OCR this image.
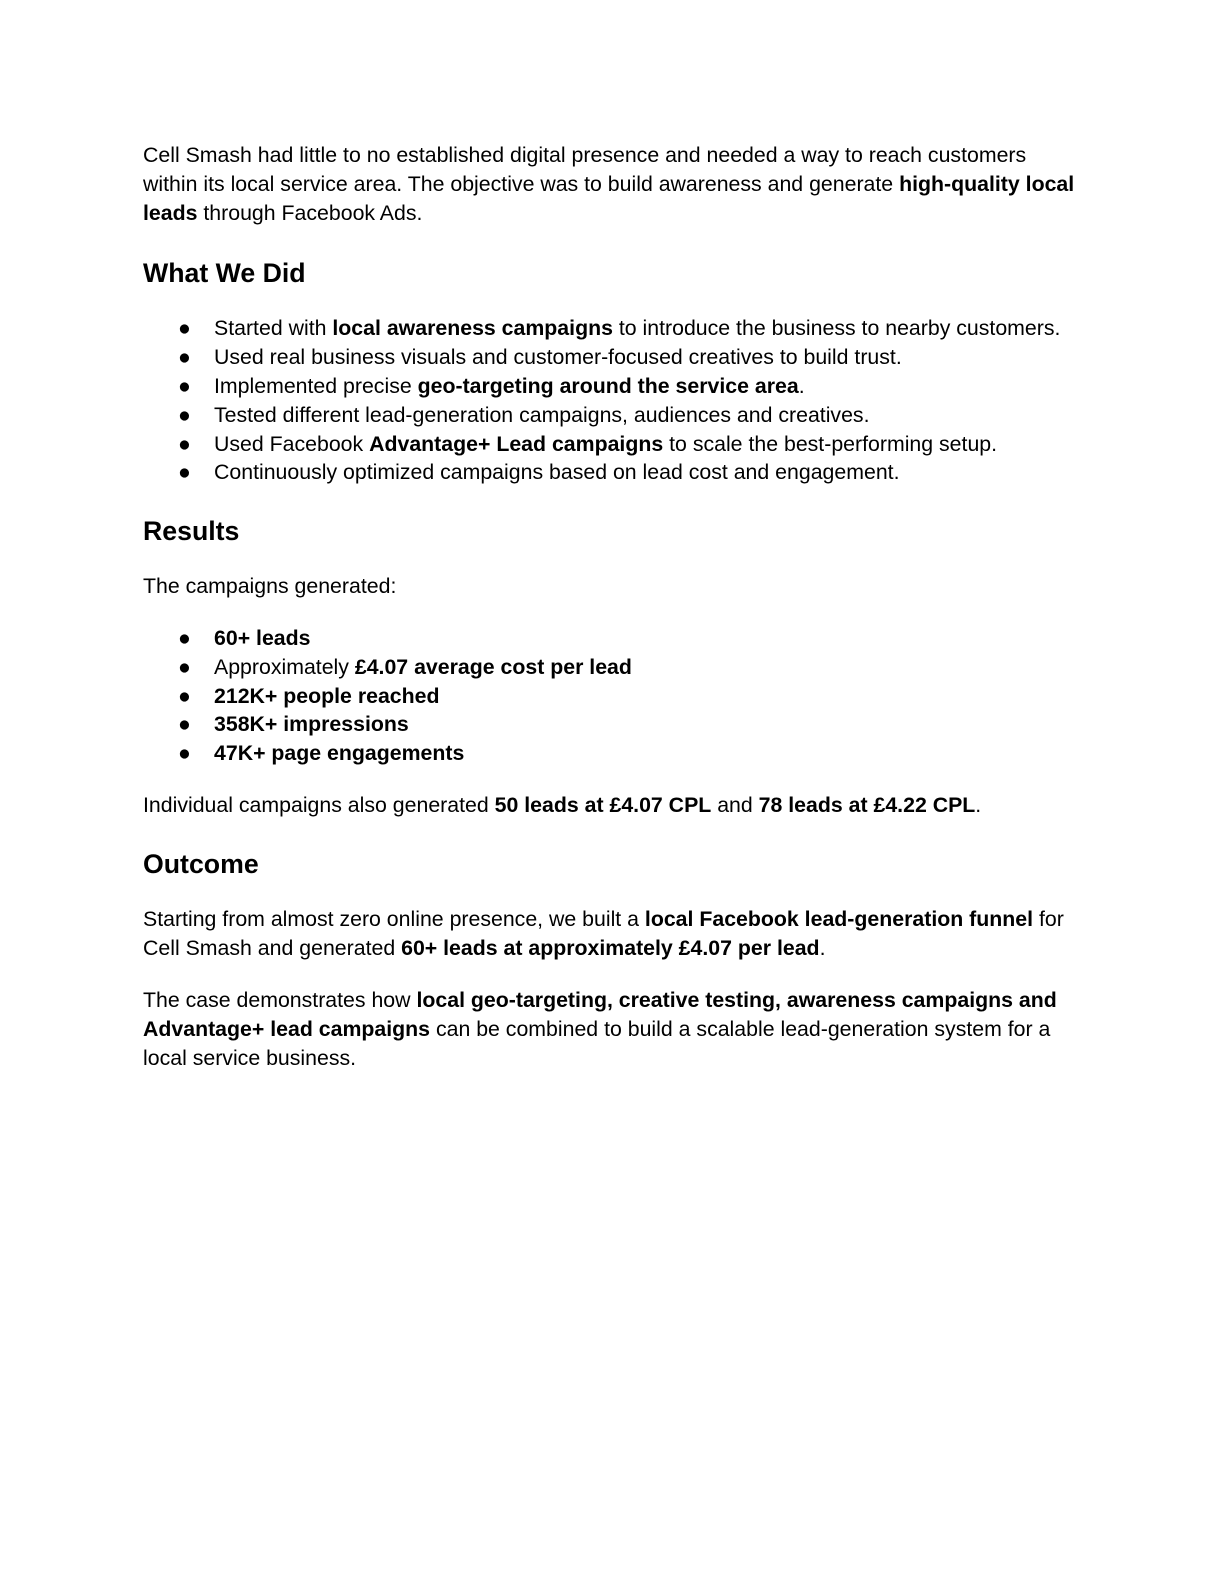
Cell Smash had little to no established digital presence and needed a way to reach customers within its local service area. The objective was to build awareness and generate high-quality local leads through Facebook Ads.

What We Did
● Started with local awareness campaigns to introduce the business to nearby customers.
● Used real business visuals and customer-focused creatives to build trust.
● Implemented precise geo-targeting around the service area.
● Tested different lead-generation campaigns, audiences and creatives.
● Used Facebook Advantage+ Lead campaigns to scale the best-performing setup.
● Continuously optimized campaigns based on lead cost and engagement.
Results

The campaigns generated:

● 60+ leads
● Approximately £4.07 average cost per lead
● 212K+ people reached
● 358K+ impressions
● 47K+ page engagements

Individual campaigns also generated 50 leads at £4.07 CPL and 78 leads at £4.22 CPL.

Outcome

Starting from almost zero online presence, we built a local Facebook lead-generation funnel for Cell Smash and generated 60+ leads at approximately £4.07 per lead.

The case demonstrates how local geo-targeting, creative testing, awareness campaigns and Advantage+ lead campaigns can be combined to build a scalable lead-generation system for a local service business.
